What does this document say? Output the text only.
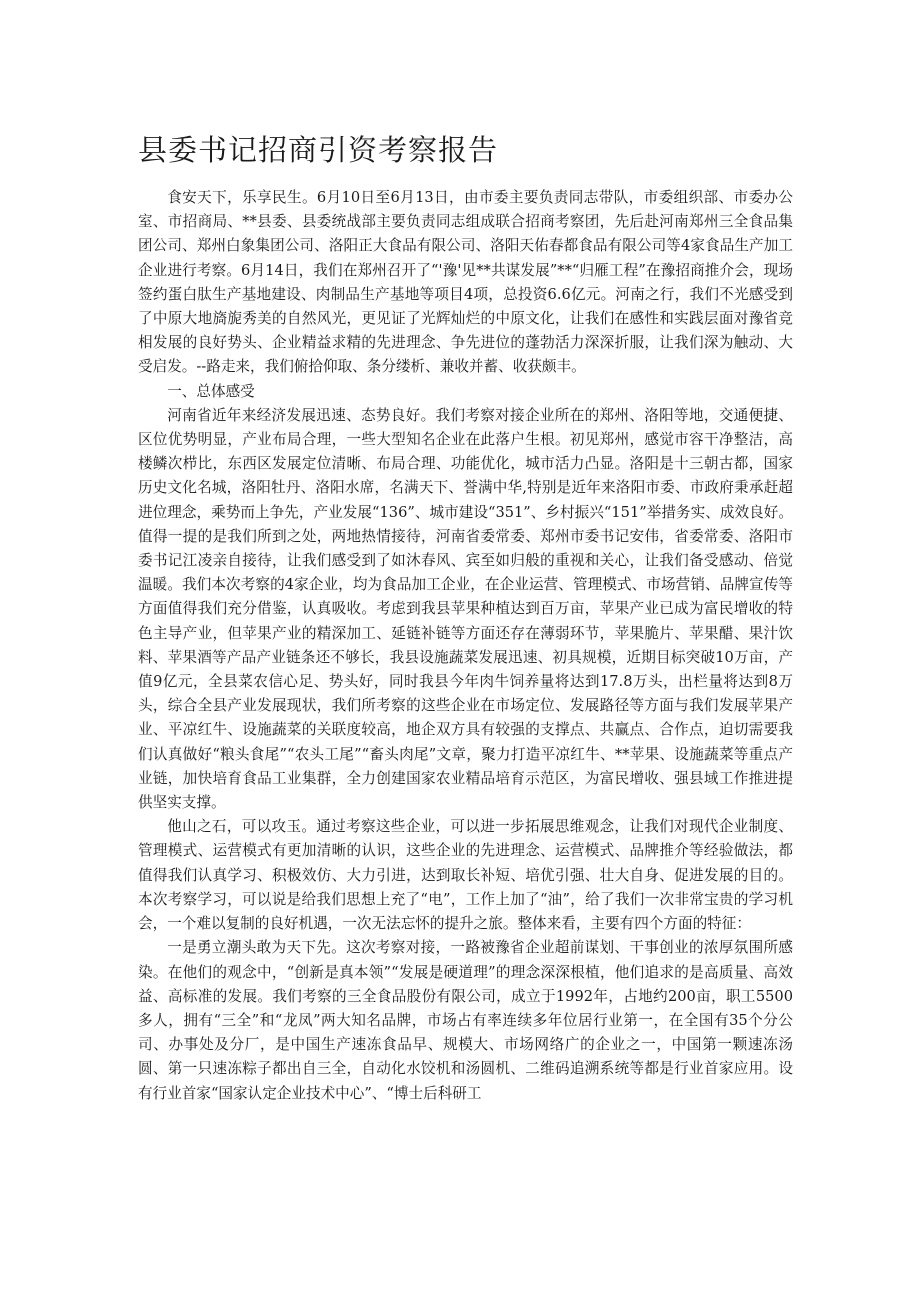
县委书记招商引资考察报告

食安天下，乐享民生。6月10日至6月13日，由市委主要负责同志带队，市委组织部、市委办公室、市招商局、**县委、县委统战部主要负责同志组成联合招商考察团，先后赴河南郑州三全食品集团公司、郑州白象集团公司、洛阳正大食品有限公司、洛阳天佑春都食品有限公司等4家食品生产加工企业进行考察。6月14日，我们在郑州召开了“'豫'见**共谋发展”**“归雁工程”在豫招商推介会，现场签约蛋白肽生产基地建设、肉制品生产基地等项目4项，总投资6.6亿元。河南之行，我们不光感受到了中原大地旖旎秀美的自然风光，更见证了光辉灿烂的中原文化，让我们在感性和实践层面对豫省竞相发展的良好势头、企业精益求精的先进理念、争先进位的蓬勃活力深深折服，让我们深为触动、大受启发。--路走来，我们俯拾仰取、条分缕析、兼收并蓄、收获颇丰。

一、总体感受

河南省近年来经济发展迅速、态势良好。我们考察对接企业所在的郑州、洛阳等地，交通便捷、区位优势明显，产业布局合理，一些大型知名企业在此落户生根。初见郑州，感觉市容干净整洁，高楼鳞次栉比，东西区发展定位清晰、布局合理、功能优化，城市活力凸显。洛阳是十三朝古都，国家历史文化名城，洛阳牡丹、洛阳水席，名满天下、誉满中华,特别是近年来洛阳市委、市政府秉承赶超进位理念，乘势而上争先，产业发展“136”、城市建设“351”、乡村振兴“151”举措务实、成效良好。值得一提的是我们所到之处，两地热情接待，河南省委常委、郑州市委书记安伟，省委常委、洛阳市委书记江凌亲自接待，让我们感受到了如沐春风、宾至如归般的重视和关心，让我们备受感动、倍觉温暖。我们本次考察的4家企业，均为食品加工企业，在企业运营、管理模式、市场营销、品牌宣传等方面值得我们充分借鉴，认真吸收。考虑到我县苹果种植达到百万亩，苹果产业已成为富民增收的特色主导产业，但苹果产业的精深加工、延链补链等方面还存在薄弱环节，苹果脆片、苹果醋、果汁饮料、苹果酒等产品产业链条还不够长，我县设施蔬菜发展迅速、初具规模，近期目标突破10万亩，产值9亿元，全县菜农信心足、势头好，同时我县今年肉牛饲养量将达到17.8万头，出栏量将达到8万头，综合全县产业发展现状，我们所考察的这些企业在市场定位、发展路径等方面与我们发展苹果产业、平凉红牛、设施蔬菜的关联度较高，地企双方具有较强的支撑点、共赢点、合作点，迫切需要我们认真做好“粮头食尾”“农头工尾”“畜头肉尾”文章，聚力打造平凉红牛、**苹果、设施蔬菜等重点产业链，加快培育食品工业集群，全力创建国家农业精品培育示范区，为富民增收、强县域工作推进提供坚实支撑。

他山之石，可以攻玉。通过考察这些企业，可以进一步拓展思维观念，让我们对现代企业制度、管理模式、运营模式有更加清晰的认识，这些企业的先进理念、运营模式、品牌推介等经验做法，都值得我们认真学习、积极效仿、大力引进，达到取长补短、培优引强、壮大自身、促进发展的目的。本次考察学习，可以说是给我们思想上充了“电”，工作上加了“油”，给了我们一次非常宝贵的学习机会，一个难以复制的良好机遇，一次无法忘怀的提升之旅。整体来看，主要有四个方面的特征：

一是勇立潮头敢为天下先。这次考察对接，一路被豫省企业超前谋划、干事创业的浓厚氛围所感染。在他们的观念中，“创新是真本领”“发展是硬道理”的理念深深根植，他们追求的是高质量、高效益、高标准的发展。我们考察的三全食品股份有限公司，成立于1992年，占地约200亩，职工5500多人，拥有“三全”和“龙凤”两大知名品牌，市场占有率连续多年位居行业第一，在全国有35个分公司、办事处及分厂，是中国生产速冻食品早、规模大、市场网络广的企业之一，中国第一颗速冻汤圆、第一只速冻粽子都出自三全，自动化水饺机和汤圆机、二维码追溯系统等都是行业首家应用。设有行业首家“国家认定企业技术中心”、“博士后科研工
